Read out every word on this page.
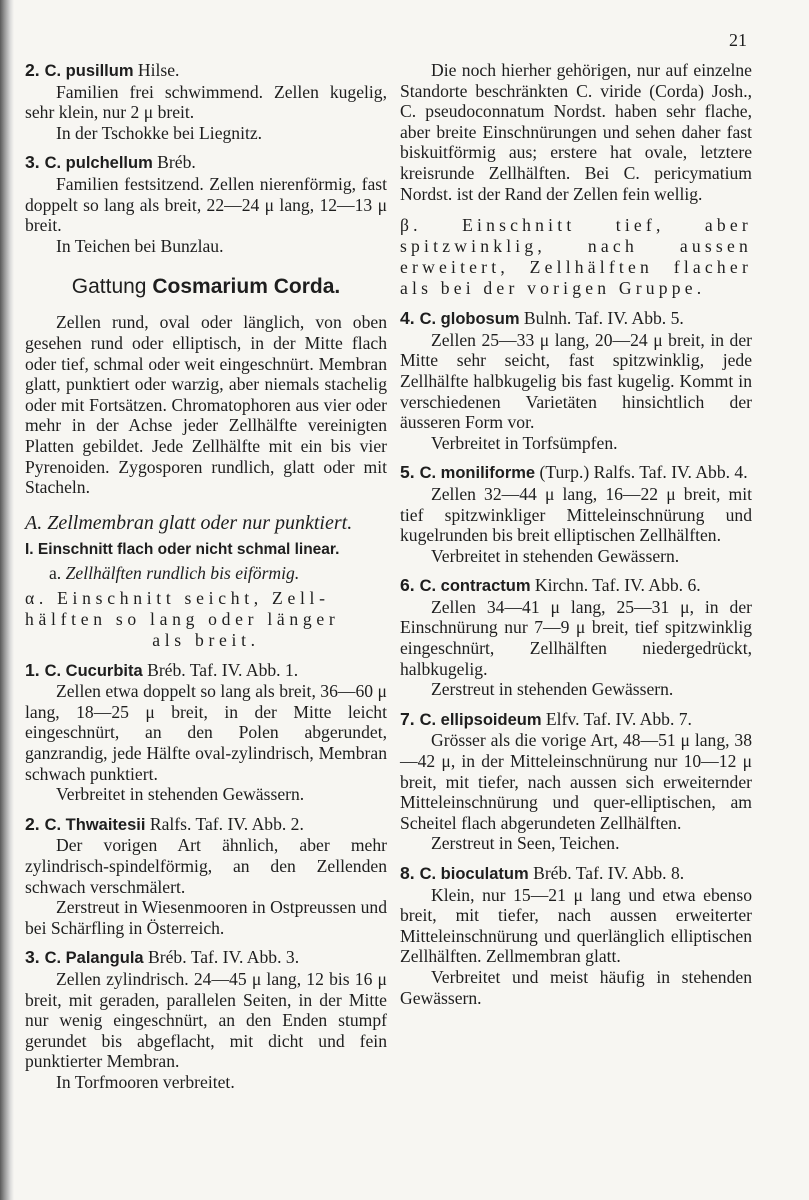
21
2. C. pusillum Hilse.

Familien frei schwimmend. Zellen kugelig, sehr klein, nur 2 μ breit.

In der Tschokke bei Liegnitz.

3. C. pulchellum Bréb.

Familien festsitzend. Zellen nierenförmig, fast doppelt so lang als breit, 22—24 μ lang, 12—13 μ breit.

In Teichen bei Bunzlau.

Gattung Cosmarium Corda.

Zellen rund, oval oder länglich, von oben gesehen rund oder elliptisch, in der Mitte flach oder tief, schmal oder weit eingeschnürt. Membran glatt, punktiert oder warzig, aber niemals stachelig oder mit Fortsätzen. Chromatophoren aus vier oder mehr in der Achse jeder Zellhälfte vereinigten Platten gebildet. Jede Zellhälfte mit ein bis vier Pyrenoiden. Zygosporen rundlich, glatt oder mit Stacheln.

A. Zellmembran glatt oder nur punktiert.
I. Einschnitt flach oder nicht schmal linear.
a. Zellhälften rundlich bis eiförmig.
α. Einschnitt seicht, Zell-
hälften so lang oder länger
als breit.
1. C. Cucurbita Bréb. Taf. IV. Abb. 1.

Zellen etwa doppelt so lang als breit, 36—60 μ lang, 18—25 μ breit, in der Mitte leicht eingeschnürt, an den Polen abgerundet, ganzrandig, jede Hälfte oval-zylindrisch, Membran schwach punktiert.

Verbreitet in stehenden Gewässern.

2. C. Thwaitesii Ralfs. Taf. IV. Abb. 2.

Der vorigen Art ähnlich, aber mehr zylindrisch-spindelförmig, an den Zellenden schwach verschmälert.

Zerstreut in Wiesenmooren in Ostpreussen und bei Schärfling in Österreich.

3. C. Palangula Bréb. Taf. IV. Abb. 3.

Zellen zylindrisch. 24—45 μ lang, 12 bis 16 μ breit, mit geraden, parallelen Seiten, in der Mitte nur wenig eingeschnürt, an den Enden stumpf gerundet bis abgeflacht, mit dicht und fein punktierter Membran.

In Torfmooren verbreitet.

Die noch hierher gehörigen, nur auf einzelne Standorte beschränkten C. viride (Corda) Josh., C. pseudoconnatum Nordst. haben sehr flache, aber breite Einschnürungen und sehen daher fast biskuitförmig aus; erstere hat ovale, letztere kreisrunde Zellhälften. Bei C. pericymatium Nordst. ist der Rand der Zellen fein wellig.

β. Einschnitt tief, aber spitzwinklig, nach aussen erweitert, Zellhälften flacher als bei der vorigen Gruppe.
4. C. globosum Bulnh. Taf. IV. Abb. 5.

Zellen 25—33 μ lang, 20—24 μ breit, in der Mitte sehr seicht, fast spitzwinklig, jede Zellhälfte halbkugelig bis fast kugelig. Kommt in verschiedenen Varietäten hinsichtlich der äusseren Form vor.

Verbreitet in Torfsümpfen.

5. C. moniliforme (Turp.) Ralfs. Taf. IV. Abb. 4.

Zellen 32—44 μ lang, 16—22 μ breit, mit tief spitzwinkliger Mitteleinschnürung und kugelrunden bis breit elliptischen Zellhälften.

Verbreitet in stehenden Gewässern.

6. C. contractum Kirchn. Taf. IV. Abb. 6.

Zellen 34—41 μ lang, 25—31 μ, in der Einschnürung nur 7—9 μ breit, tief spitzwinklig eingeschnürt, Zellhälften niedergedrückt, halbkugelig.

Zerstreut in stehenden Gewässern.

7. C. ellipsoideum Elfv. Taf. IV. Abb. 7.

Grösser als die vorige Art, 48—51 μ lang, 38—42 μ, in der Mitteleinschnürung nur 10—12 μ breit, mit tiefer, nach aussen sich erweiternder Mitteleinschnürung und quer-elliptischen, am Scheitel flach abgerundeten Zellhälften.

Zerstreut in Seen, Teichen.

8. C. bioculatum Bréb. Taf. IV. Abb. 8.

Klein, nur 15—21 μ lang und etwa ebenso breit, mit tiefer, nach aussen erweiterter Mitteleinschnürung und querlänglich elliptischen Zellhälften. Zellmembran glatt.

Verbreitet und meist häufig in stehenden Gewässern.
